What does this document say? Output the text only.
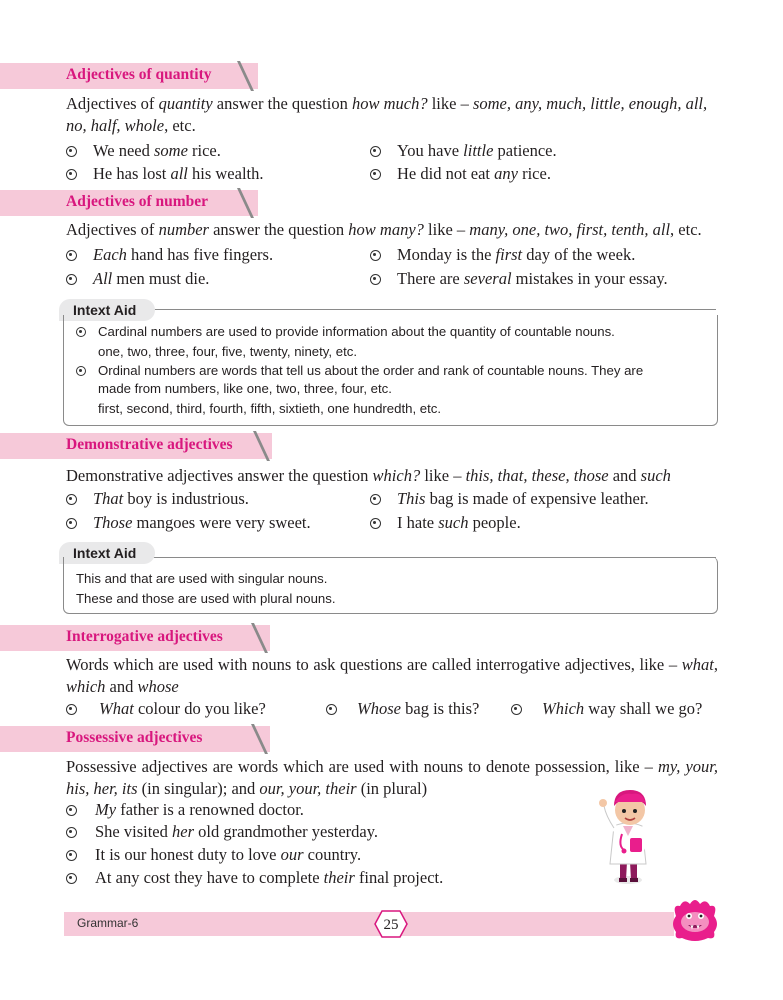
Adjectives of quantity
Adjectives of quantity answer the question how much? like – some, any, much, little, enough, all, no, half, whole, etc.
We need some rice.	You have little patience.
He has lost all his wealth.	He did not eat any rice.
Adjectives of number
Adjectives of number answer the question how many? like – many, one, two, first, tenth, all, etc.
Each hand has five fingers.	Monday is the first day of the week.
All men must die.	There are several mistakes in your essay.
Intext Aid
Cardinal numbers are used to provide information about the quantity of countable nouns.
one, two, three, four, five, twenty, ninety, etc.
Ordinal numbers are words that tell us about the order and rank of countable nouns. They are
made from numbers, like one, two, three, four, etc.
first, second, third, fourth, fifth, sixtieth, one hundredth, etc.
Demonstrative adjectives
Demonstrative adjectives answer the question which? like – this, that, these, those and such
That boy is industrious.	This bag is made of expensive leather.
Those mangoes were very sweet.	I hate such people.
Intext Aid
This and that are used with singular nouns.
These and those are used with plural nouns.
Interrogative adjectives
Words which are used with nouns to ask questions are called interrogative adjectives, like – what, which and whose
What colour do you like?	Whose bag is this?	Which way shall we go?
Possessive adjectives
Possessive adjectives are words which are used with nouns to denote possession, like – my, your, his, her, its (in singular); and our, your, their (in plural)
My father is a renowned doctor.
She visited her old grandmother yesterday.
It is our honest duty to love our country.
At any cost they have to complete their final project.
Grammar-6	25
